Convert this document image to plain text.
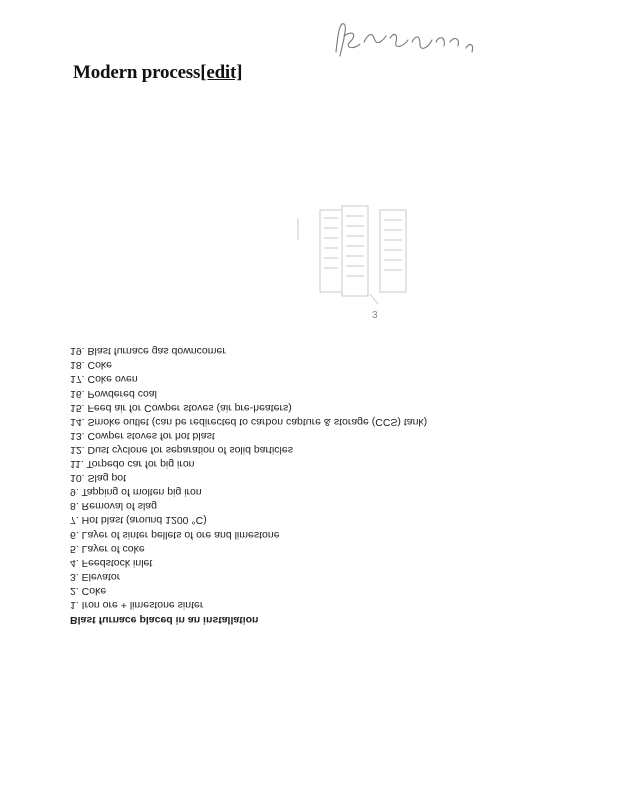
Modern process[edit]
3
Blast furnace placed in an installation
1. Iron ore + limestone sinter
2. Coke
3. Elevator
4. Feedstock inlet
5. Layer of coke
6. Layer of sinter pellets of ore and limestone
7. Hot blast (around 1200 °C)
8. Removal of slag
9. Tapping of molten pig iron
10. Slag pot
11. Torpedo car for pig iron
12. Dust cyclone for separation of solid particles
13. Cowper stoves for hot blast
14. Smoke outlet (can be redirected to carbon capture & storage (CCS) tank)
15. Feed air for Cowper stoves (air pre-heaters)
16. Powdered coal
17. Coke oven
18. Coke
19. Blast furnace gas downcomer
